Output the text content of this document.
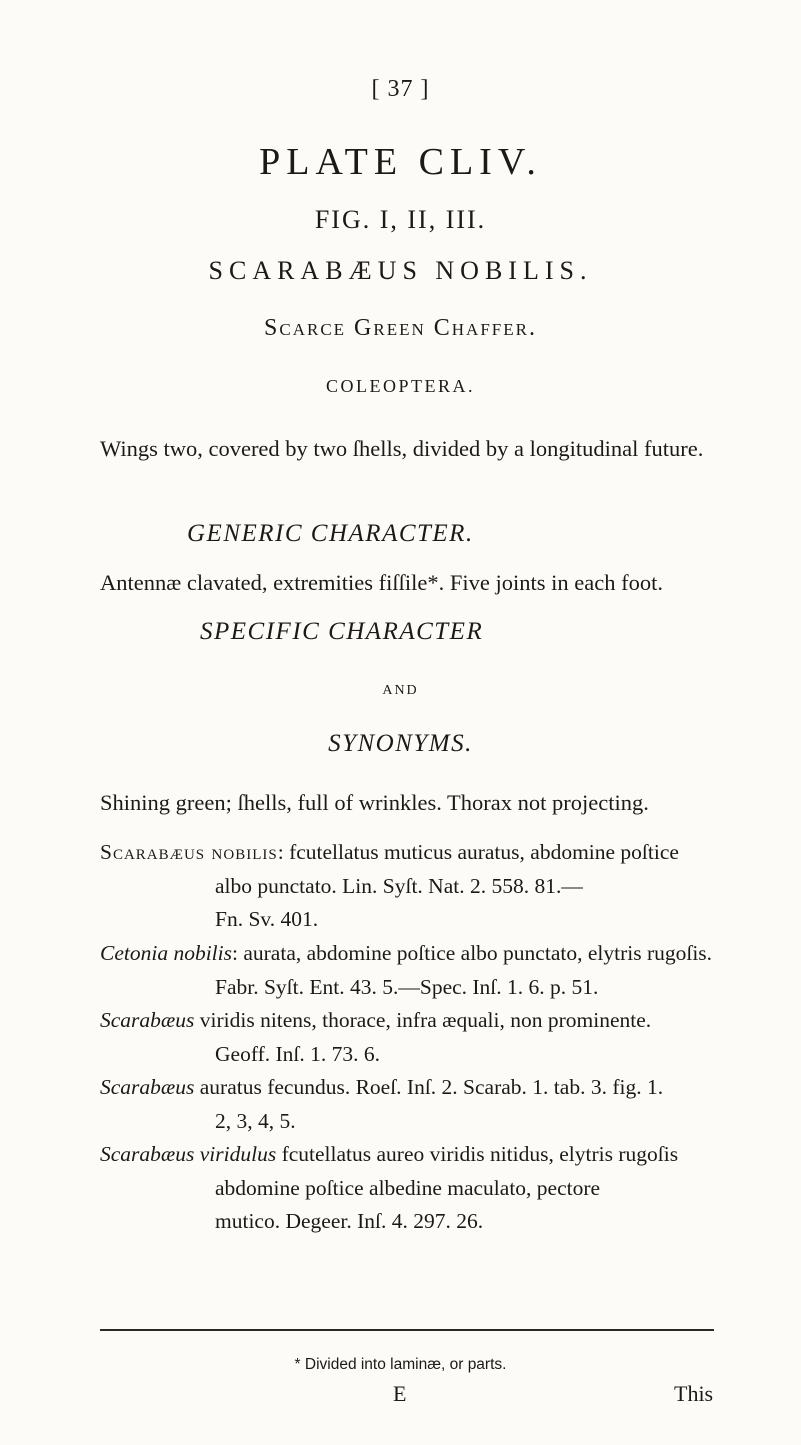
[ 37 ]
PLATE CLIV.
FIG. I, II, III.
SCARABÆUS NOBILIS.
Scarce Green Chaffer.
COLEOPTERA.
Wings two, covered by two ſhells, divided by a longitudinal future.
GENERIC CHARACTER.
Antennæ clavated, extremities fiſſile*. Five joints in each foot.
SPECIFIC CHARACTER
AND
SYNONYMS.
Shining green; ſhells, full of wrinkles. Thorax not projecting.
Scarabæus nobilis: fcutellatus muticus auratus, abdomine poſtice
albo punctato. Lin. Syſt. Nat. 2. 558. 81.—
Fn. Sv. 401.
Cetonia nobilis: aurata, abdomine poſtice albo punctato, elytris rugoſis.
Fabr. Syſt. Ent. 43. 5.—Spec. Inſ. 1. 6. p. 51.
Scarabæus viridis nitens, thorace, infra æquali, non prominente.
Geoff. Inſ. 1. 73. 6.
Scarabæus auratus fecundus. Roeſ. Inſ. 2. Scarab. 1. tab. 3. fig. 1.
2, 3, 4, 5.
Scarabæus viridulus fcutellatus aureo viridis nitidus, elytris rugoſis
abdomine poſtice albedine maculato, pectore
mutico. Degeer. Inſ. 4. 297. 26.
* Divided into laminæ, or parts.
E	This
